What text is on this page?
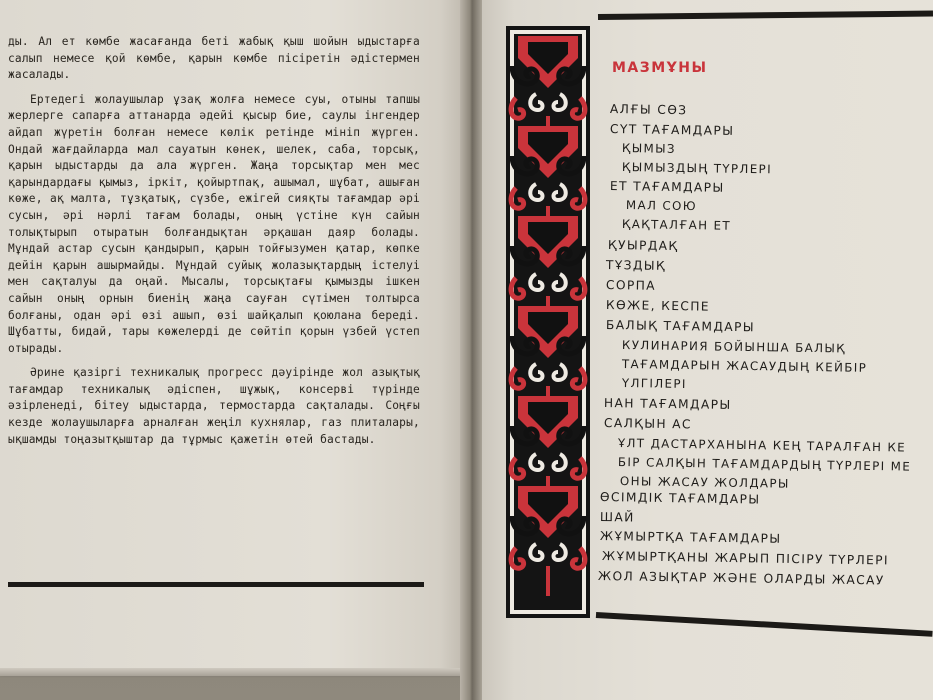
ды. Ал ет көмбе жасағанда беті жабық қыш шойын ыдыстарға салып немесе қой көмбе, қарын көмбе пісіретін әдістермен жасалады.

Ертедегі жолаушылар ұзақ жолға немесе суы, отыны тапшы жерлерге сапарға аттанарда әдейі қысыр бие, саулы інгендер айдап жүретін болған немесе көлік ретінде мініп жүрген. Ондай жағдайларда мал сауатын көнек, шелек, саба, торсық, қарын ыдыстарды да ала жүрген. Жаңа торсықтар мен мес қарындардағы қымыз, іркіт, қойыртпақ, ашымал, шұбат, ашыған көже, ақ малта, тұзқатық, сүзбе, ежігей сияқты тағамдар әрі сусын, әрі нәрлі тағам болады, оның үстіне күн сайын толықтырып отыратын болғандықтан әрқашан даяр болады. Мұндай астар сусын қандырып, қарын тойғызумен қатар, көпке дейін қарын ашырмайды. Мұндай суйық жолазықтардың істелуі мен сақталуы да оңай. Мысалы, торсықтағы қымызды ішкен сайын оның орнын биенің жаңа сауған сүтімен толтырса болғаны, одан әрі өзі ашып, өзі шайқалып қоюлана береді. Шұбатты, бидай, тары көжелерді де сөйтіп қорын үзбей үстеп отырады.

Әрине қазіргі техникалық прогресс дәуірінде жол азықтық тағамдар техникалық әдіспен, шұжық, консерві түрінде әзірленеді, бітеу ыдыстарда, термостарда сақталады. Соңғы кезде жолаушыларға арналған жеңіл кухнялар, газ плиталары, ықшамды тоңазытқыштар да тұрмыс қажетін өтей бастады.

МАЗМҰНЫ
АЛҒЫ СӨЗ
СҮТ ТАҒАМДАРЫ
ҚЫМЫЗ
ҚЫМЫЗДЫҢ ТҮРЛЕРІ
ЕТ ТАҒАМДАРЫ
МАЛ СОЮ
ҚАҚТАЛҒАН ЕТ
ҚУЫРДАҚ
ТҰЗДЫҚ
СОРПА
КӨЖЕ, КЕСПЕ
БАЛЫҚ ТАҒАМДАРЫ
КУЛИНАРИЯ БОЙЫНША БАЛЫҚ
ТАҒАМДАРЫН ЖАСАУДЫҢ КЕЙБІР
ҮЛГІЛЕРІ
НАН ТАҒАМДАРЫ
САЛҚЫН АС
ҰЛТ ДАСТАРХАНЫНА КЕҢ ТАРАЛҒАН КЕ
БІР САЛҚЫН ТАҒАМДАРДЫҢ ТҮРЛЕРІ МЕ
ОНЫ ЖАСАУ ЖОЛДАРЫ
ӨСІМДІК ТАҒАМДАРЫ
ШАЙ
ЖҰМЫРТҚА ТАҒАМДАРЫ
ЖҰМЫРТҚАНЫ ЖАРЫП ПІСІРУ ТҮРЛЕРІ
ЖОЛ АЗЫҚТАР ЖӘНЕ ОЛАРДЫ ЖАСАУ
